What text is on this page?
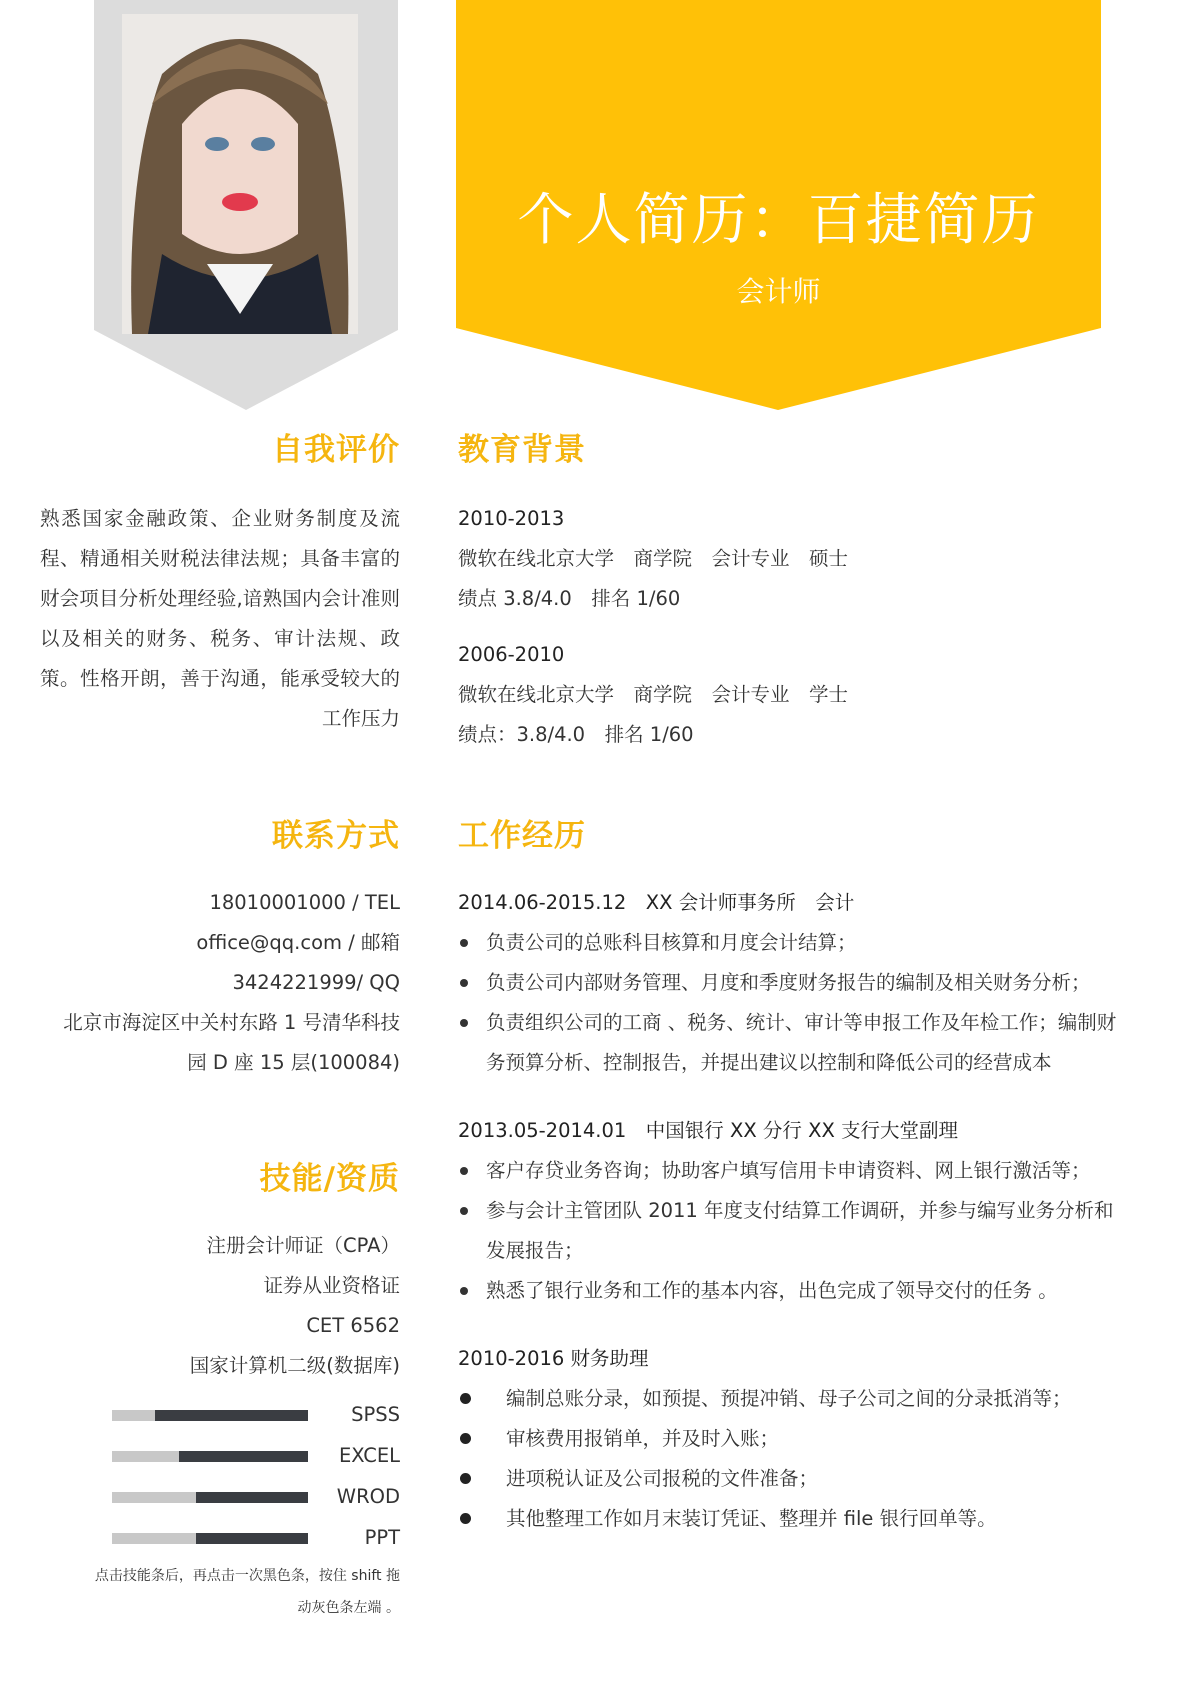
个人简历：百捷简历
会计师
自我评价
熟悉国家金融政策、企业财务制度及流程、精通相关财税法律法规；具备丰富的财会项目分析处理经验,谙熟国内会计准则以及相关的财务、税务、审计法规、政策。性格开朗，善于沟通，能承受较大的工作压力
教育背景
2010-2013
微软在线北京大学　商学院　会计专业　硕士
绩点 3.8/4.0　排名 1/60
2006-2010
微软在线北京大学　商学院　会计专业　学士
绩点：3.8/4.0　排名 1/60
联系方式
18010001000 / TEL
office@qq.com / 邮箱
3424221999/ QQ
北京市海淀区中关村东路 1 号清华科技
园 D 座 15 层(100084)
工作经历
2014.06-2015.12　XX 会计师事务所　会计
负责公司的总账科目核算和月度会计结算；
负责公司内部财务管理、月度和季度财务报告的编制及相关财务分析；
负责组织公司的工商 、税务、统计、审计等申报工作及年检工作；编制财务预算分析、控制报告，并提出建议以控制和降低公司的经营成本
2013.05-2014.01　中国银行 XX 分行 XX 支行大堂副理
客户存贷业务咨询；协助客户填写信用卡申请资料、网上银行激活等；
参与会计主管团队 2011 年度支付结算工作调研，并参与编写业务分析和发展报告；
熟悉了银行业务和工作的基本内容，出色完成了领导交付的任务 。
2010-2016 财务助理
编制总账分录，如预提、预提冲销、母子公司之间的分录抵消等；
审核费用报销单，并及时入账；
进项税认证及公司报税的文件准备；
其他整理工作如月末装订凭证、整理并 file 银行回单等。
技能/资质
注册会计师证（CPA）
证券从业资格证
CET 6562
国家计算机二级(数据库)
SPSS
EXCEL
WROD
PPT
点击技能条后，再点击一次黑色条，按住 shift 拖
动灰色条左端 。
